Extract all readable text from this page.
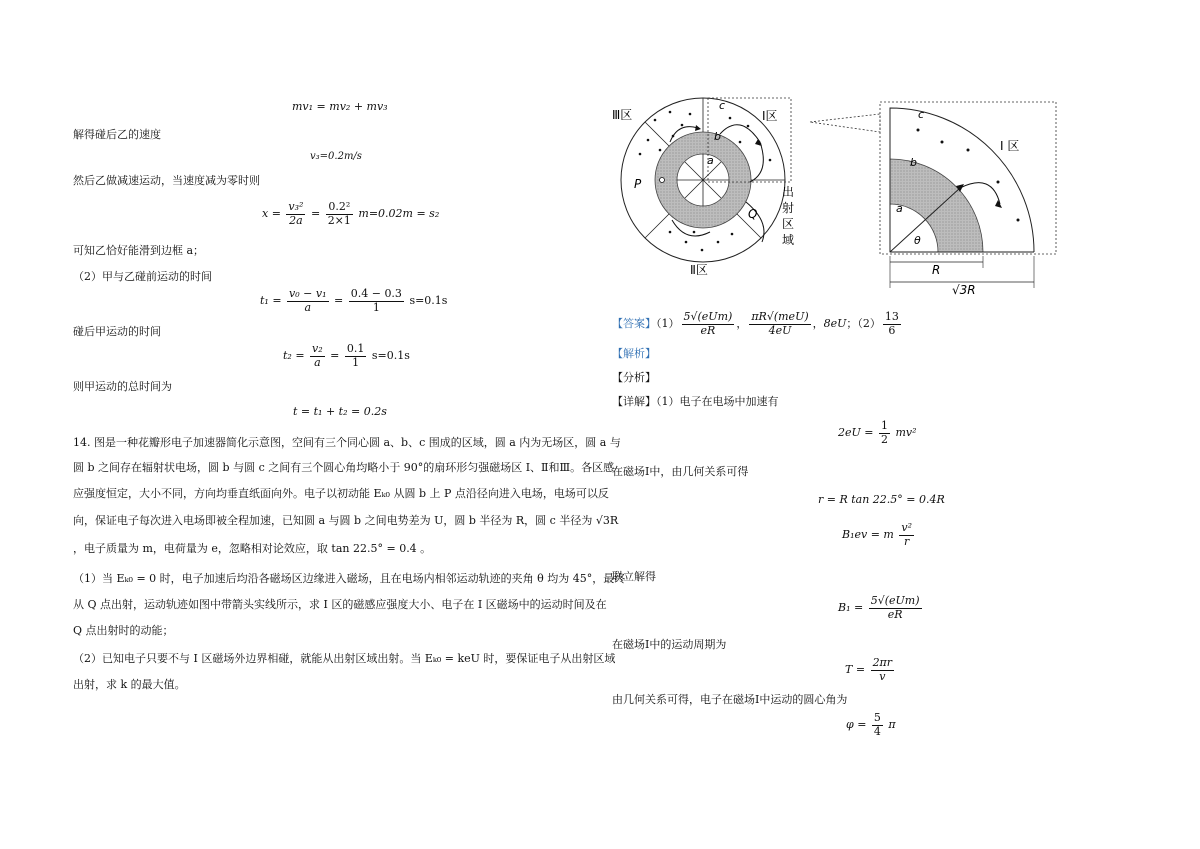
mv₁ = mv₂ + mv₃
解得碰后乙的速度
v₃=0.2m/s
然后乙做减速运动，当速度减为零时则
$x = \frac{\text{v₃²}}{2a} = \frac{\text{0.2²}}{2\times 1} m=0.02m = s_2$
可知乙恰好能滑到边框 a；
（2）甲与乙碰前运动的时间
$t_1 = \frac{\text{v₀ − v₁}}{a} = \frac{0.4 - 0.3}{1} s=0.1s$
碰后甲运动的时间
$t_2 = \frac{\text{v₂}}{a} = \frac{0.1}{1} s=0.1s$
则甲运动的总时间为
t = t₁ + t₂ = 0.2s
14. 图是一种花瓣形电子加速器简化示意图，空间有三个同心圆 a、b、c 围成的区域，圆 a 内为无场区，圆 a 与
圆 b 之间存在辐射状电场，圆 b 与圆 c 之间有三个圆心角均略小于 90°的扇环形匀强磁场区 Ⅰ、Ⅱ和Ⅲ。各区感
应强度恒定，大小不同，方向均垂直纸面向外。电子以初动能 Eₖ₀ 从圆 b 上 P 点沿径向进入电场，电场可以反
向，保证电子每次进入电场即被全程加速，已知圆 a 与圆 b 之间电势差为 U，圆 b 半径为 R，圆 c 半径为 √3R
，电子质量为 m，电荷量为 e，忽略相对论效应，取 tan 22.5° = 0.4 。
（1）当 Eₖ₀ = 0 时，电子加速后均沿各磁场区边缘进入磁场，且在电场内相邻运动轨迹的夹角 θ 均为 45°，最终
从 Q 点出射，运动轨迹如图中带箭头实线所示，求 Ⅰ 区的磁感应强度大小、电子在 Ⅰ 区磁场中的运动时间及在
Q 点出射时的动能；
（2）已知电子只要不与 Ⅰ 区磁场外边界相碰，就能从出射区域出射。当 Eₖ₀ = keU 时，要保证电子从出射区域
出射，求 k 的最大值。
Ⅲ区	Ⅰ区
Ⅱ区
c
b
a
P
Q
出
射
区
域
c
b
a
θ
Ⅰ 区
R
√3R
【答案】$(1) \frac{\text{5√(eUm)}}{eR}$ ， $\frac{\text{πR√(meU)}}{4eU}$ ，8eU；$(2) \frac{13}{6}$
【解析】
【分析】
【详解】（1）电子在电场中加速有
$2eU = \frac{1}{2} mv^2$
在磁场Ⅰ中，由几何关系可得
r = R tan 22.5° = 0.4R
B₁ev = m $\frac{\text{v²}}{r}$
联立解得
$B_1 = \frac{\text{5√(eUm)}}{eR}$
在磁场Ⅰ中的运动周期为
$T = \frac{2\pi r}{v}$
由几何关系可得，电子在磁场Ⅰ中运动的圆心角为
$\varphi = \frac{5}{4}$ π
